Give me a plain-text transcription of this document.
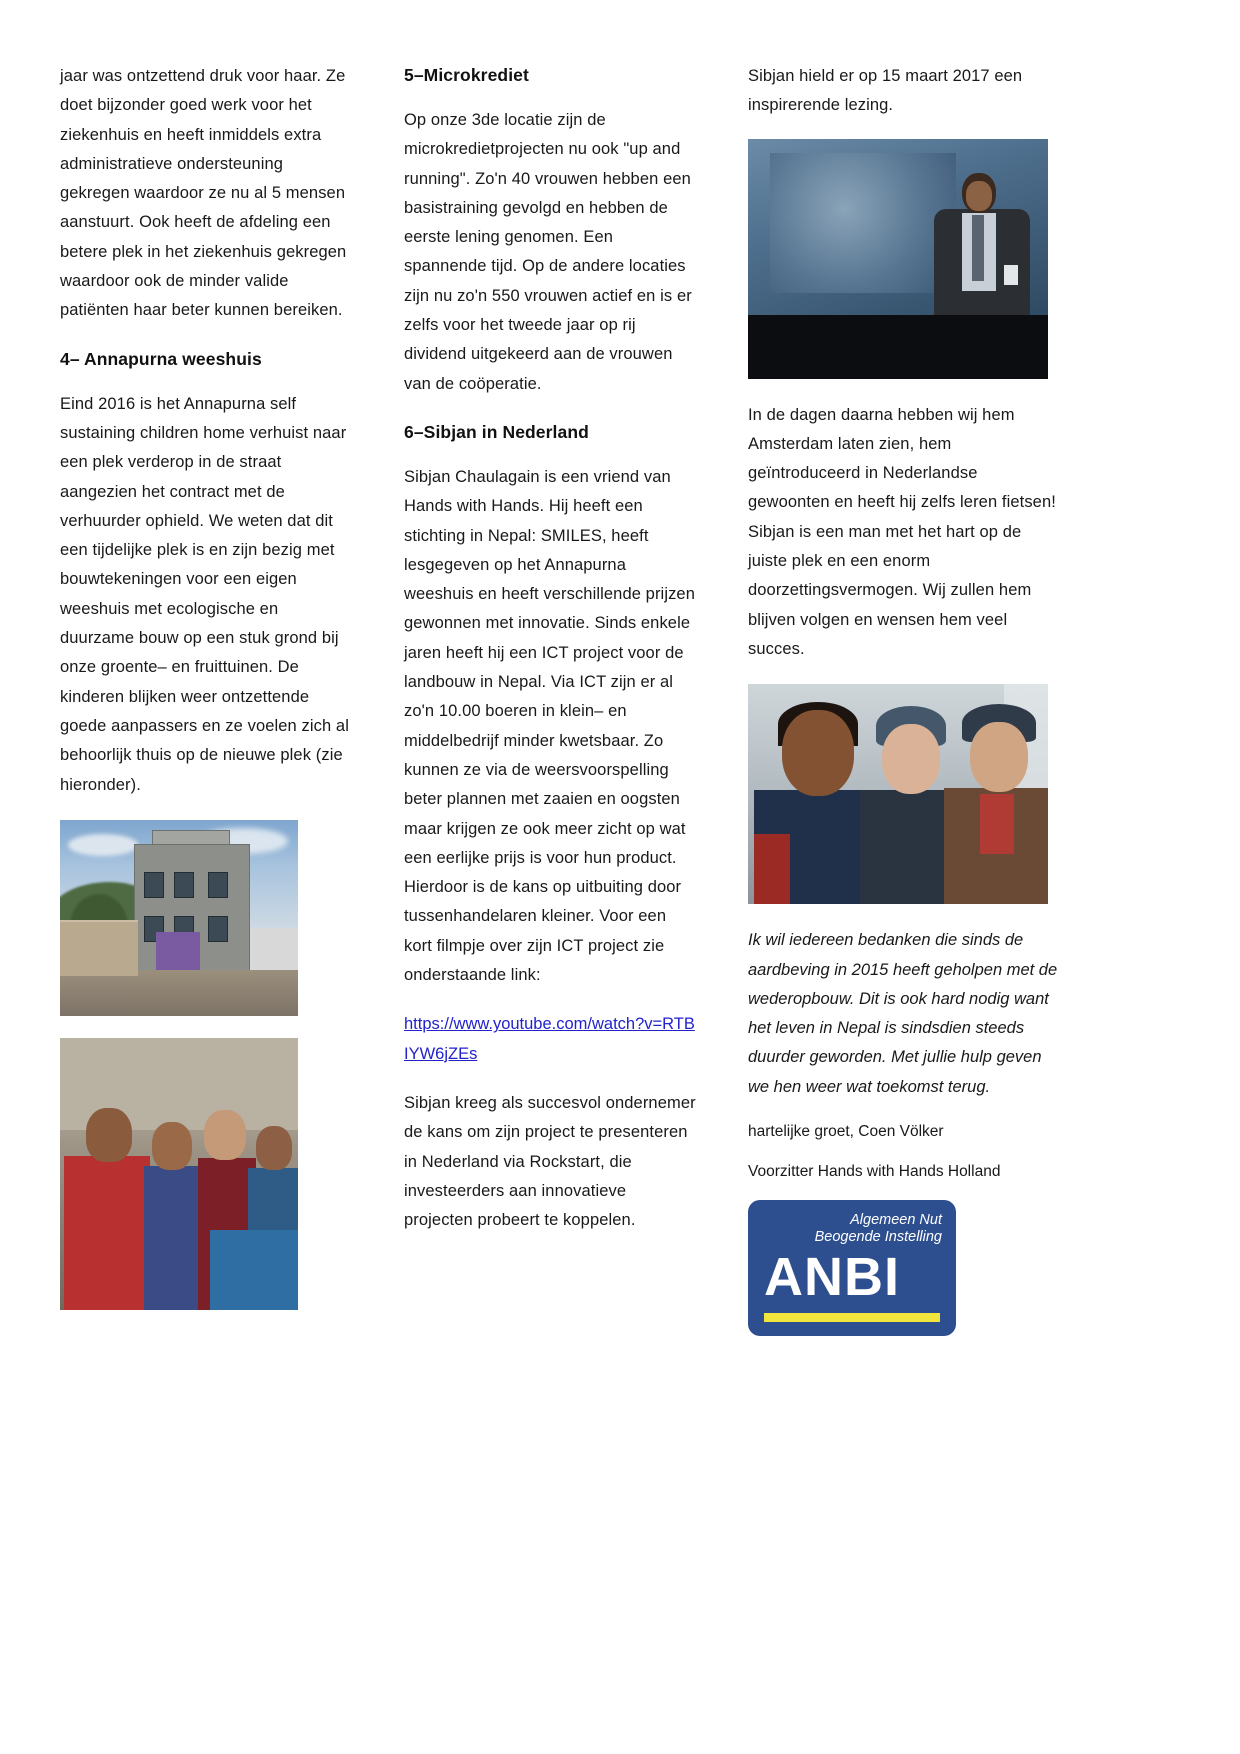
jaar was ontzettend druk voor haar. Ze doet bijzonder goed werk voor het ziekenhuis en heeft inmiddels extra administratieve ondersteuning gekregen waardoor ze nu al 5 mensen aanstuurt. Ook heeft de afdeling een betere plek in het ziekenhuis gekregen waardoor ook de minder valide patiënten haar beter kunnen bereiken.

4– Annapurna weeshuis

Eind 2016 is het Annapurna self sustaining children home verhuist naar een plek verderop in de straat aangezien het contract met de verhuurder ophield. We weten dat dit een tijdelijke plek is en zijn bezig met bouwtekeningen voor een eigen weeshuis met ecologische en duurzame bouw op een stuk grond bij onze groente– en fruittuinen. De kinderen blijken weer ontzettende goede aanpassers en ze voelen zich al behoorlijk thuis op de nieuwe plek (zie hieronder).

5–Microkrediet

Op onze 3de locatie zijn de microkredietprojecten nu ook "up and running". Zo'n 40 vrouwen hebben een basistraining gevolgd en hebben de eerste lening genomen. Een spannende tijd. Op de andere locaties zijn nu zo'n 550 vrouwen actief en is er zelfs voor het tweede jaar op rij dividend uitgekeerd aan de vrouwen van de coöperatie.

6–Sibjan in Nederland

Sibjan Chaulagain is een vriend van Hands with Hands. Hij heeft een stichting in Nepal: SMILES, heeft lesgegeven op het Annapurna weeshuis en heeft verschillende prijzen gewonnen met innovatie. Sinds enkele jaren heeft hij een ICT project voor de landbouw in Nepal. Via ICT zijn er al zo'n 10.00 boeren in klein– en middelbedrijf minder kwetsbaar. Zo kunnen ze via de weersvoorspelling beter plannen met zaaien en oogsten maar krijgen ze ook meer zicht op wat een eerlijke prijs is voor hun product. Hierdoor is de kans op uitbuiting door tussenhandelaren kleiner. Voor een kort filmpje over zijn ICT project zie onderstaande link:

https://www.youtube.com/watch?v=RTBIYW6jZEs

Sibjan kreeg als succesvol ondernemer de kans om zijn project te presenteren in Nederland via Rockstart, die investeerders aan innovatieve projecten probeert te koppelen.

Sibjan hield er op 15 maart 2017 een inspirerende lezing.

In de dagen daarna hebben wij hem Amsterdam laten zien, hem geïntroduceerd in Nederlandse gewoonten en heeft hij zelfs leren fietsen! Sibjan is een man met het hart op de juiste plek en een enorm doorzettingsvermogen. Wij zullen hem blijven volgen en wensen hem veel succes.

Ik wil iedereen bedanken die sinds de aardbeving in 2015 heeft geholpen met de wederopbouw. Dit is ook hard nodig want het leven in Nepal is sindsdien steeds duurder geworden. Met jullie hulp geven we hen weer wat toekomst terug.

hartelijke groet, Coen Völker

Voorzitter Hands with Hands Holland

Algemeen Nut
Beogende Instelling
ANBI
